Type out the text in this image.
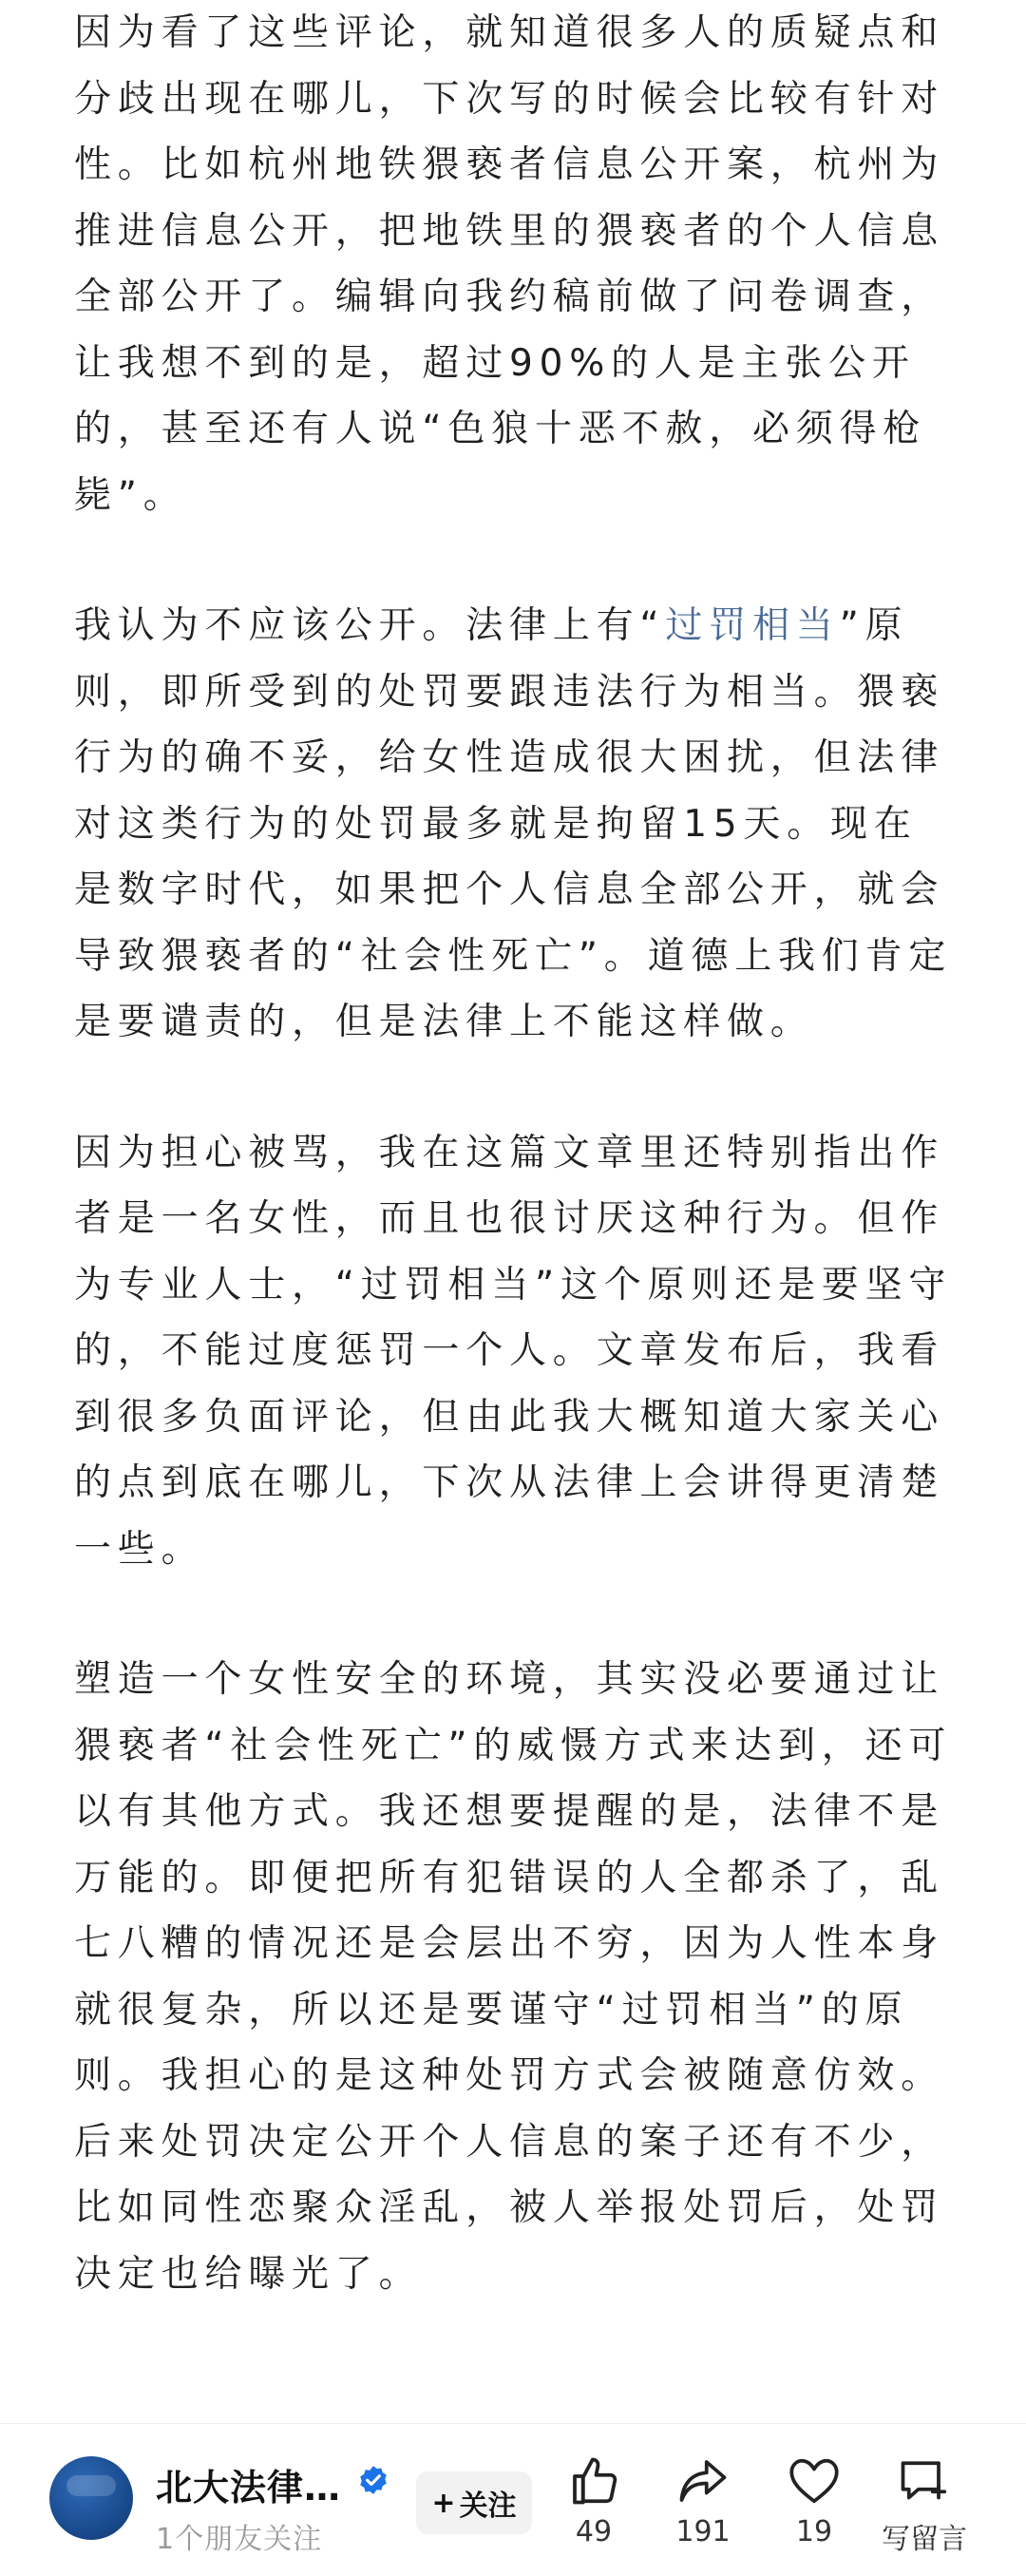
因为看了这些评论，就知道很多人的质疑点和分歧出现在哪儿，下次写的时候会比较有针对性。比如杭州地铁猥亵者信息公开案，杭州为推进信息公开，把地铁里的猥亵者的个人信息全部公开了。编辑向我约稿前做了问卷调查，让我想不到的是，超过90%的人是主张公开的，甚至还有人说“色狼十恶不赦，必须得枪毙”。

我认为不应该公开。法律上有“过罚相当”原则，即所受到的处罚要跟违法行为相当。猥亵行为的确不妥，给女性造成很大困扰，但法律对这类行为的处罚最多就是拘留15天。现在是数字时代，如果把个人信息全部公开，就会导致猥亵者的“社会性死亡”。道德上我们肯定是要谴责的，但是法律上不能这样做。

因为担心被骂，我在这篇文章里还特别指出作者是一名女性，而且也很讨厌这种行为。但作为专业人士，“过罚相当”这个原则还是要坚守的，不能过度惩罚一个人。文章发布后，我看到很多负面评论，但由此我大概知道大家关心的点到底在哪儿，下次从法律上会讲得更清楚一些。

塑造一个女性安全的环境，其实没必要通过让猥亵者“社会性死亡”的威慑方式来达到，还可以有其他方式。我还想要提醒的是，法律不是万能的。即便把所有犯错误的人全都杀了，乱七八糟的情况还是会层出不穷，因为人性本身就很复杂，所以还是要谨守“过罚相当”的原则。我担心的是这种处罚方式会被随意仿效。后来处罚决定公开个人信息的案子还有不少，比如同性恋聚众淫乱，被人举报处罚后，处罚决定也给曝光了。

北大法律…
1个朋友关注
+ 关注
49	191	19	写留言
